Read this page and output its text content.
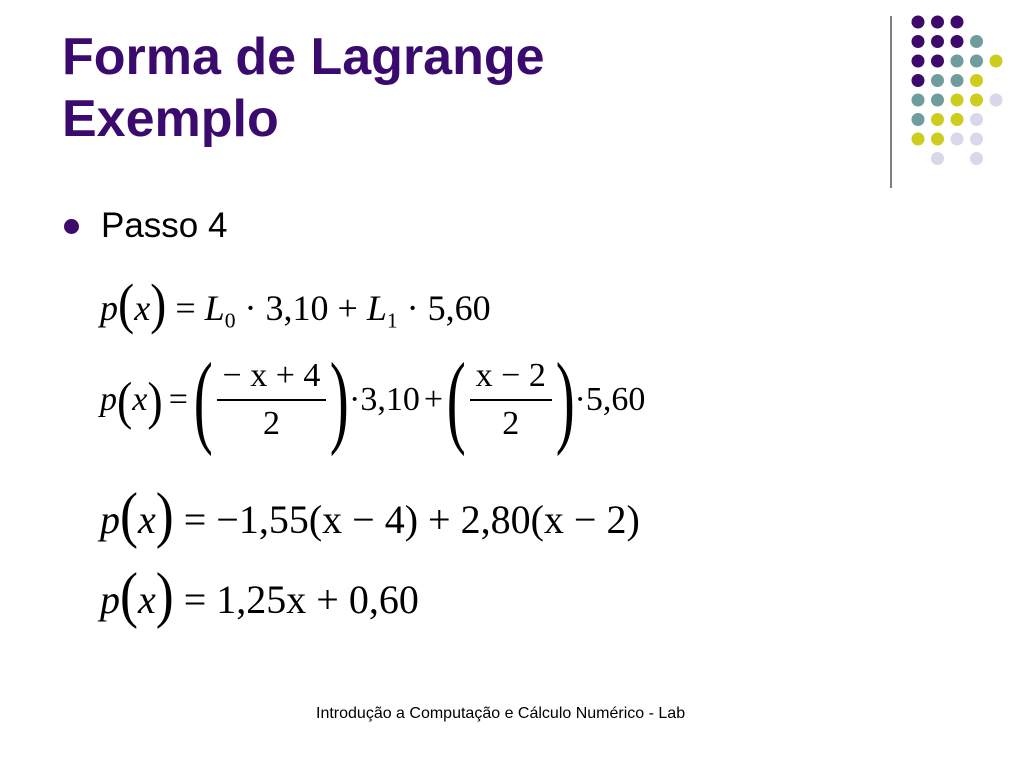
Forma de Lagrange
Exemplo
Passo 4
$p(x) = L_0 \cdot 3,10 + L_1 \cdot 5,60$
p ( x ) = ( $\frac{- x + 4}{2}$ ) · 3,10 + ( $\frac{x - 2}{2}$ ) · 5,60
p(x) = −1,55(x − 4) + 2,80(x − 2)
p(x) = 1,25x + 0,60
Introdução a Computação e Cálculo Numérico - Lab
